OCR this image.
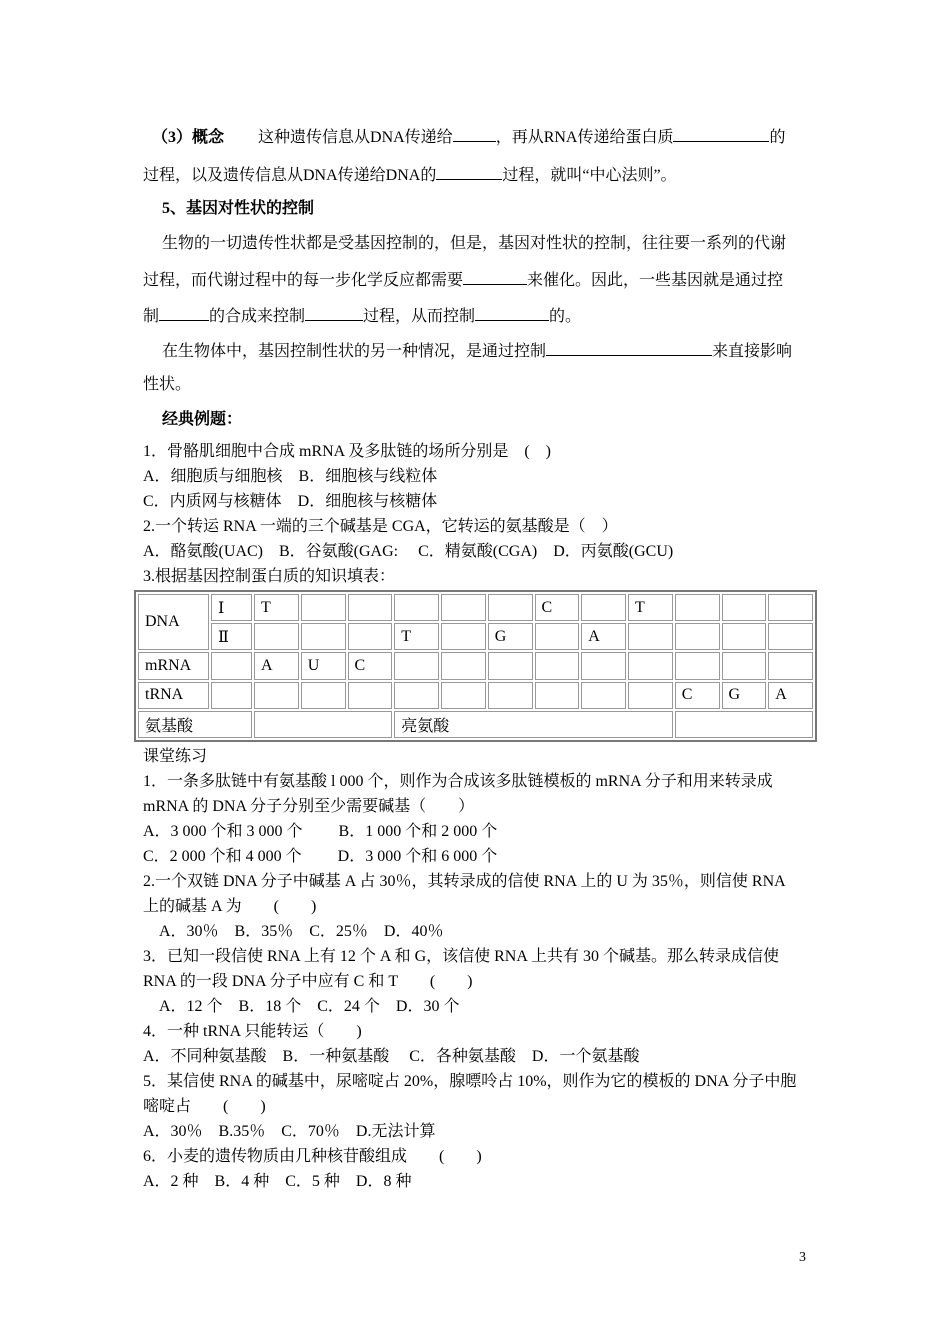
（3）概念 这种遗传信息从DNA传递给	，再从RNA传递给蛋白质	的
过程，以及遗传信息从DNA传递给DNA的	过程，就叫“中心法则”。
5、基因对性状的控制
生物的一切遗传性状都是受基因控制的，但是，基因对性状的控制，往往要一系列的代谢
过程，而代谢过程中的每一步化学反应都需要	来催化。因此，一些基因就是通过控
制	的合成来控制	过程，从而控制	的。
在生物体中，基因控制性状的另一种情况，是通过控制	来直接影响
性状。
经典例题：
1．骨骼肌细胞中合成 mRNA 及多肽链的场所分别是　(　)
A．细胞质与细胞核　B．细胞核与线粒体
C．内质网与核糖体　D．细胞核与核糖体
2.一个转运 RNA 一端的三个碱基是 CGA，它转运的氨基酸是（　）
A．酪氨酸(UAC)　B．谷氨酸(GAG:　 C．精氨酸(CGA)　D．丙氨酸(GCU)
3.根据基因控制蛋白质的知识填表：
DNA	Ⅰ	T						C		T			
	Ⅱ				T		G		A				
mRNA		A	U	C									
tRNA											C	G	A
氨基酸					亮氨酸								
课堂练习
1．一条多肽链中有氨基酸 l 000 个，则作为合成该多肽链模板的 mRNA 分子和用来转录成
mRNA 的 DNA 分子分别至少需要碱基（　　）
A．3 000 个和 3 000 个　　 B．1 000 个和 2 000 个
C．2 000 个和 4 000 个　　 D．3 000 个和 6 000 个
2.一个双链 DNA 分子中碱基 A 占 30％，其转录成的信使 RNA 上的 U 为 35％，则信使 RNA
上的碱基 A 为　　(　　)
　A．30％　B．35％　C．25％　D．40％
3．已知一段信使 RNA 上有 12 个 A 和 G，该信使 RNA 上共有 30 个碱基。那么转录成信使
RNA 的一段 DNA 分子中应有 C 和 T　　(　　)
　A．12 个　B．18 个　C．24 个　D．30 个
4．一种 tRNA 只能转运（　　)
A．不同种氨基酸　B．一种氨基酸　 C．各种氨基酸　D．一个氨基酸
5．某信使 RNA 的碱基中，尿嘧啶占 20%，腺嘌呤占 10%，则作为它的模板的 DNA 分子中胞
嘧啶占　　(　　)
A．30％　B.35％　C．70％　D.无法计算
6．小麦的遗传物质由几种核苷酸组成　　(　　)
A．2 种　B．4 种　C．5 种　D．8 种
3
